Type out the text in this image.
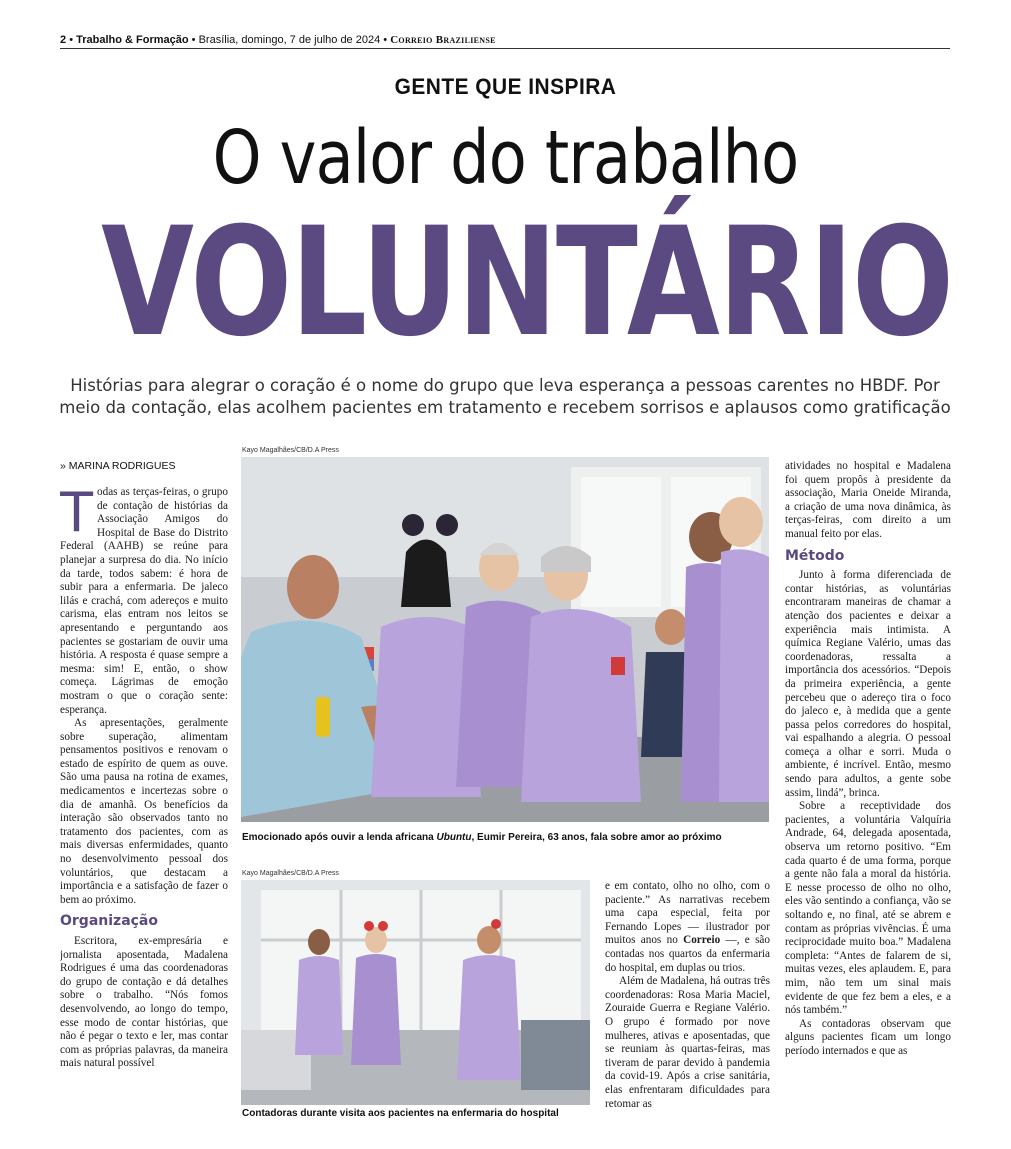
2 • Trabalho & Formação • Brasília, domingo, 7 de julho de 2024 • Correio Braziliense
GENTE QUE INSPIRA
O valor do trabalho
VOLUNTÁRIO
Histórias para alegrar o coração é o nome do grupo que leva esperança a pessoas carentes no HBDF. Por meio da contação, elas acolhem pacientes em tratamento e recebem sorrisos e aplausos como gratificação
» MARINA RODRIGUES

Todas as terças-feiras, o grupo de contação de histórias da Associação Amigos do Hospital de Base do Distrito Federal (AAHB) se reúne para planejar a surpresa do dia. No início da tarde, todos sabem: é hora de subir para a enfermaria. De jaleco lilás e crachá, com adereços e muito carisma, elas entram nos leitos se apresentando e perguntando aos pacientes se gostariam de ouvir uma história. A resposta é quase sempre a mesma: sim! E, então, o show começa. Lágrimas de emoção mostram o que o coração sente: esperança.

As apresentações, geralmente sobre superação, alimentam pensamentos positivos e renovam o estado de espírito de quem as ouve. São uma pausa na rotina de exames, medicamentos e incertezas sobre o dia de amanhã. Os benefícios da interação são observados tanto no tratamento dos pacientes, com as mais diversas enfermidades, quanto no desenvolvimento pessoal dos voluntários, que destacam a importância e a satisfação de fazer o bem ao próximo.

Organização

Escritora, ex-empresária e jornalista aposentada, Madalena Rodrigues é uma das coordenadoras do grupo de contação e dá detalhes sobre o trabalho. “Nós fomos desenvolvendo, ao longo do tempo, esse modo de contar histórias, que não é pegar o texto e ler, mas contar com as próprias palavras, da maneira mais natural possível

Kayo Magalhães/CB/D.A Press
Emocionado após ouvir a lenda africana Ubuntu, Eumir Pereira, 63 anos, fala sobre amor ao próximo
Kayo Magalhães/CB/D.A Press
Contadoras durante visita aos pacientes na enfermaria do hospital

e em contato, olho no olho, com o paciente.” As narrativas recebem uma capa especial, feita por Fernando Lopes — ilustrador por muitos anos no Correio —, e são contadas nos quartos da enfermaria do hospital, em duplas ou trios.

Além de Madalena, há outras três coordenadoras: Rosa Maria Maciel, Zouraide Guerra e Regiane Valério. O grupo é formado por nove mulheres, ativas e aposentadas, que se reuniam às quartas-feiras, mas tiveram de parar devido à pandemia da covid-19. Após a crise sanitária, elas enfrentaram dificuldades para retomar as

atividades no hospital e Madalena foi quem propôs à presidente da associação, Maria Oneide Miranda, a criação de uma nova dinâmica, às terças-feiras, com direito a um manual feito por elas.

Método

Junto à forma diferenciada de contar histórias, as voluntárias encontraram maneiras de chamar a atenção dos pacientes e deixar a experiência mais intimista. A química Regiane Valério, umas das coordenadoras, ressalta a importância dos acessórios. “Depois da primeira experiência, a gente percebeu que o adereço tira o foco do jaleco e, à medida que a gente passa pelos corredores do hospital, vai espalhando a alegria. O pessoal começa a olhar e sorri. Muda o ambiente, é incrível. Então, mesmo sendo para adultos, a gente sobe assim, lindá”, brinca.

Sobre a receptividade dos pacientes, a voluntária Valquíria Andrade, 64, delegada aposentada, observa um retorno positivo. “Em cada quarto é de uma forma, porque a gente não fala a moral da história. E nesse processo de olho no olho, eles vão sentindo a confiança, vão se soltando e, no final, até se abrem e contam as próprias vivências. É uma reciprocidade muito boa.” Madalena completa: “Antes de falarem de si, muitas vezes, eles aplaudem. E, para mim, não tem um sinal mais evidente de que fez bem a eles, e a nós também.”

As contadoras observam que alguns pacientes ficam um longo período internados e que as
